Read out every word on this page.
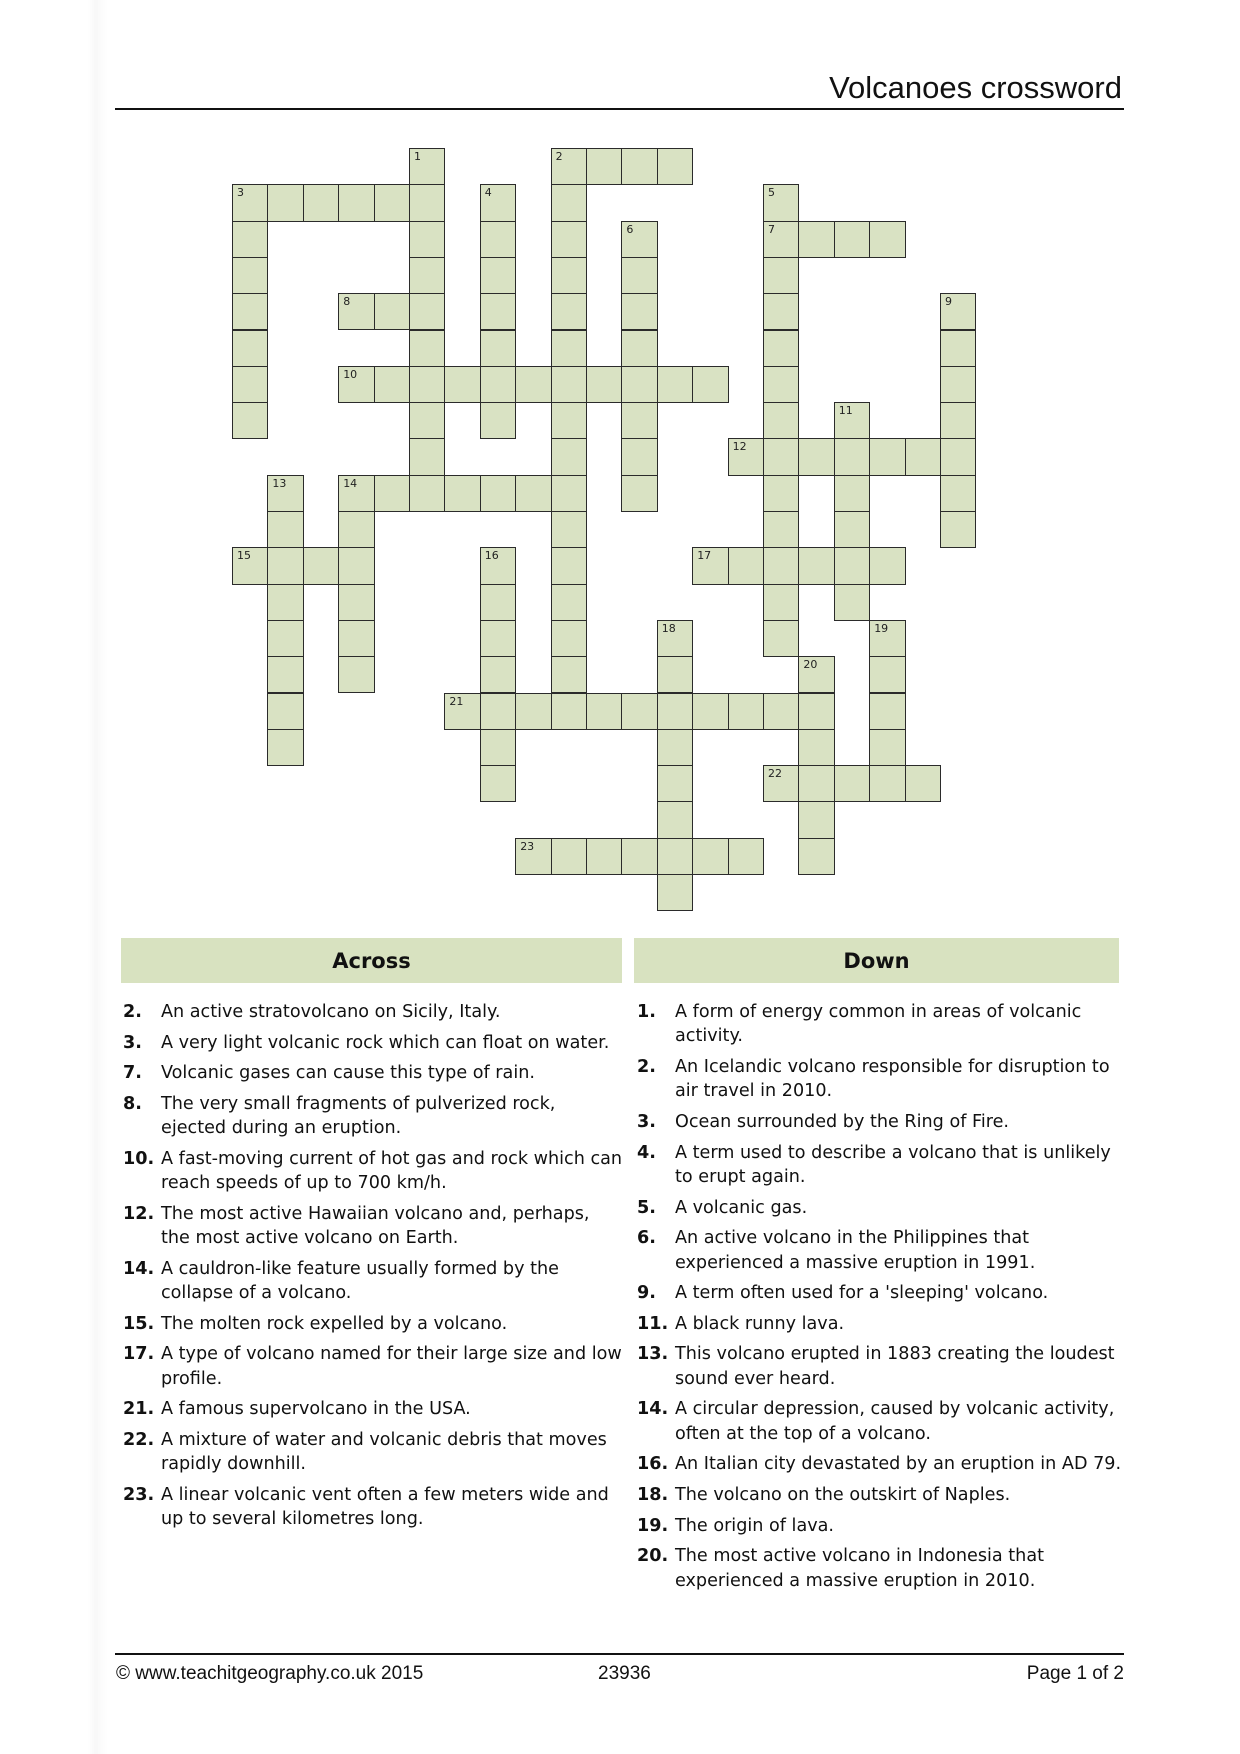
Volcanoes crossword
1	2
3	4	5
7
6
8	9
10
11
12
13	14
15	16	17
18	19
20
21
22
23
Across	Down
2.	An active stratovolcano on Sicily, Italy.
3.	A very light volcanic rock which can float on water.
7.	Volcanic gases can cause this type of rain.
8.	The very small fragments of pulverized rock, ejected during an eruption.
10. A fast-moving current of hot gas and rock which can reach speeds of up to 700 km/h.
12. The most active Hawaiian volcano and, perhaps, the most active volcano on Earth.
14. A cauldron-like feature usually formed by the collapse of a volcano.
15. The molten rock expelled by a volcano.
17. A type of volcano named for their large size and low profile.
21. A famous supervolcano in the USA.
22. A mixture of water and volcanic debris that moves rapidly downhill.
23. A linear volcanic vent often a few meters wide and up to several kilometres long.
1.	A form of energy common in areas of volcanic activity.
2.	An Icelandic volcano responsible for disruption to air travel in 2010.
3.	Ocean surrounded by the Ring of Fire.
4.	A term used to describe a volcano that is unlikely to erupt again.
5.	A volcanic gas.
6.	An active volcano in the Philippines that experienced a massive eruption in 1991.
9.	A term often used for a 'sleeping' volcano.
11. A black runny lava.
13. This volcano erupted in 1883 creating the loudest sound ever heard.
14. A circular depression, caused by volcanic activity, often at the top of a volcano.
16. An Italian city devastated by an eruption in AD 79.
18. The volcano on the outskirt of Naples.
19. The origin of lava.
20. The most active volcano in Indonesia that experienced a massive eruption in 2010.
© www.teachitgeography.co.uk 2015	23936	Page 1 of 2
